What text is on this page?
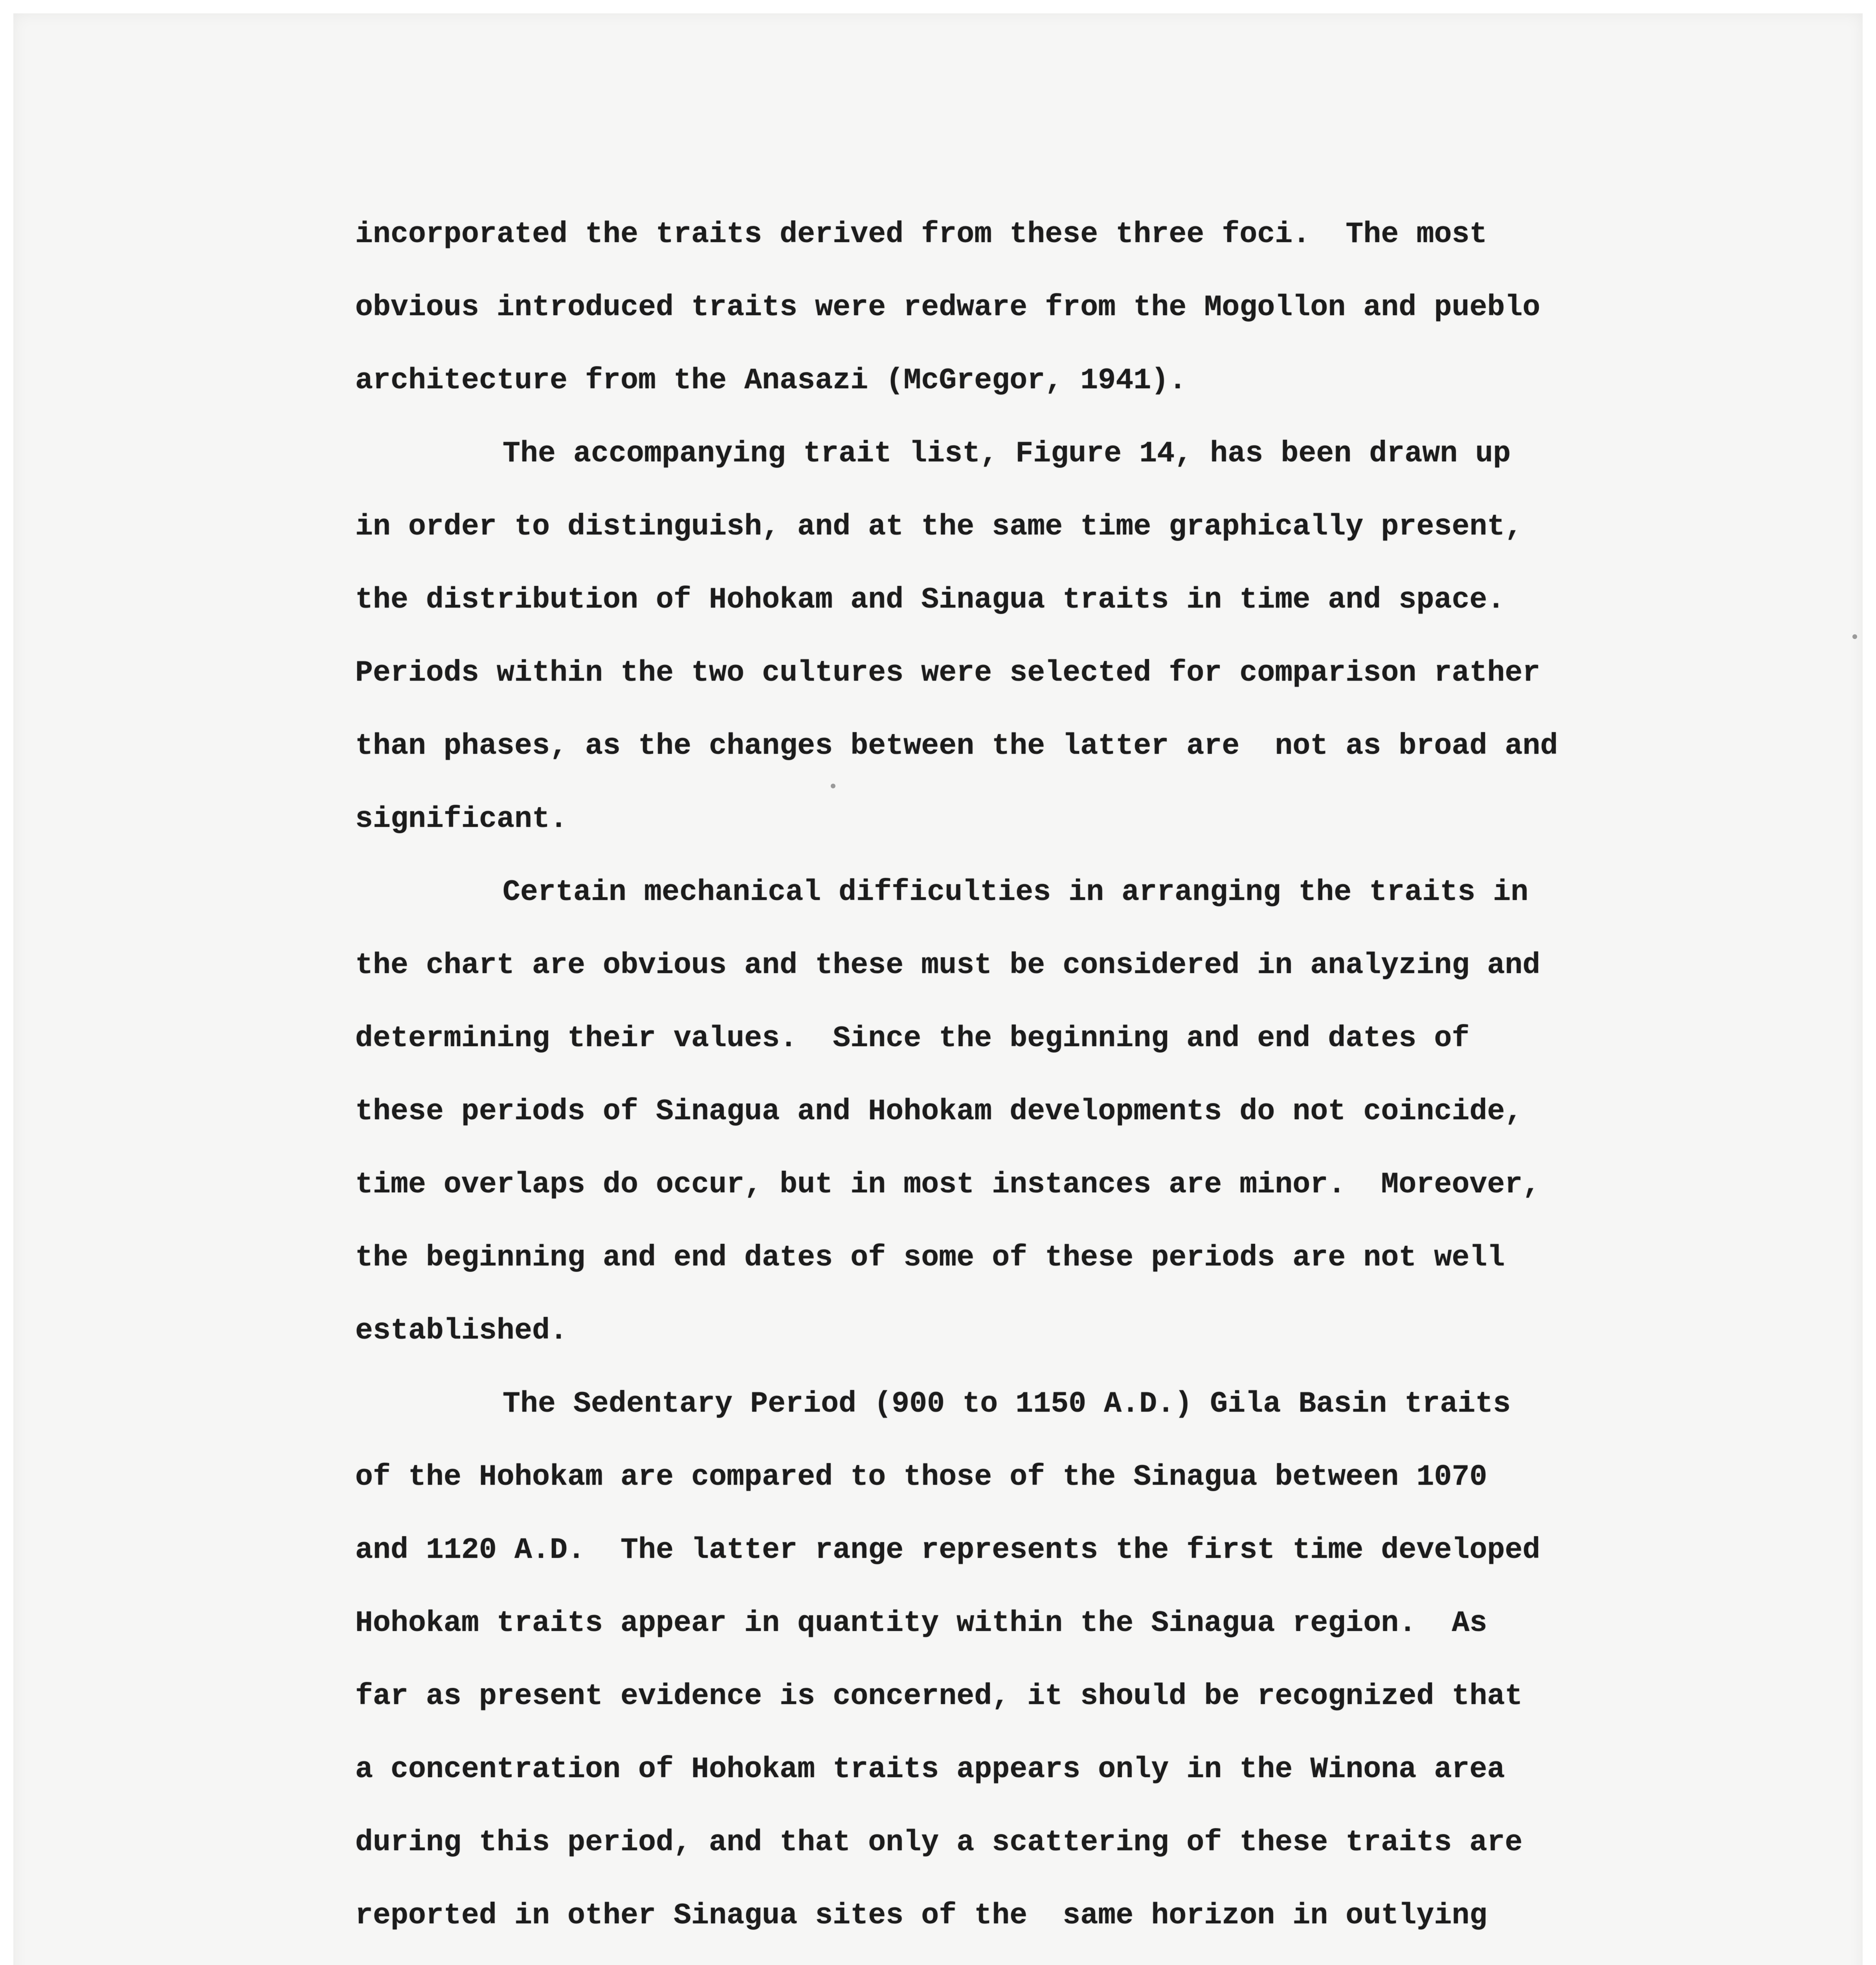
incorporated the traits derived from these three foci.  The most
obvious introduced traits were redware from the Mogollon and pueblo
architecture from the Anasazi (McGregor, 1941).

The accompanying trait list, Figure 14, has been drawn up
in order to distinguish, and at the same time graphically present,
the distribution of Hohokam and Sinagua traits in time and space.
Periods within the two cultures were selected for comparison rather
than phases, as the changes between the latter are  not as broad and
significant.

Certain mechanical difficulties in arranging the traits in
the chart are obvious and these must be considered in analyzing and
determining their values.  Since the beginning and end dates of
these periods of Sinagua and Hohokam developments do not coincide,
time overlaps do occur, but in most instances are minor.  Moreover,
the beginning and end dates of some of these periods are not well
established.

The Sedentary Period (900 to 1150 A.D.) Gila Basin traits
of the Hohokam are compared to those of the Sinagua between 1070
and 1120 A.D.  The latter range represents the first time developed
Hohokam traits appear in quantity within the Sinagua region.  As
far as present evidence is concerned, it should be recognized that
a concentration of Hohokam traits appears only in the Winona area
during this period, and that only a scattering of these traits are
reported in other Sinagua sites of the  same horizon in outlying
